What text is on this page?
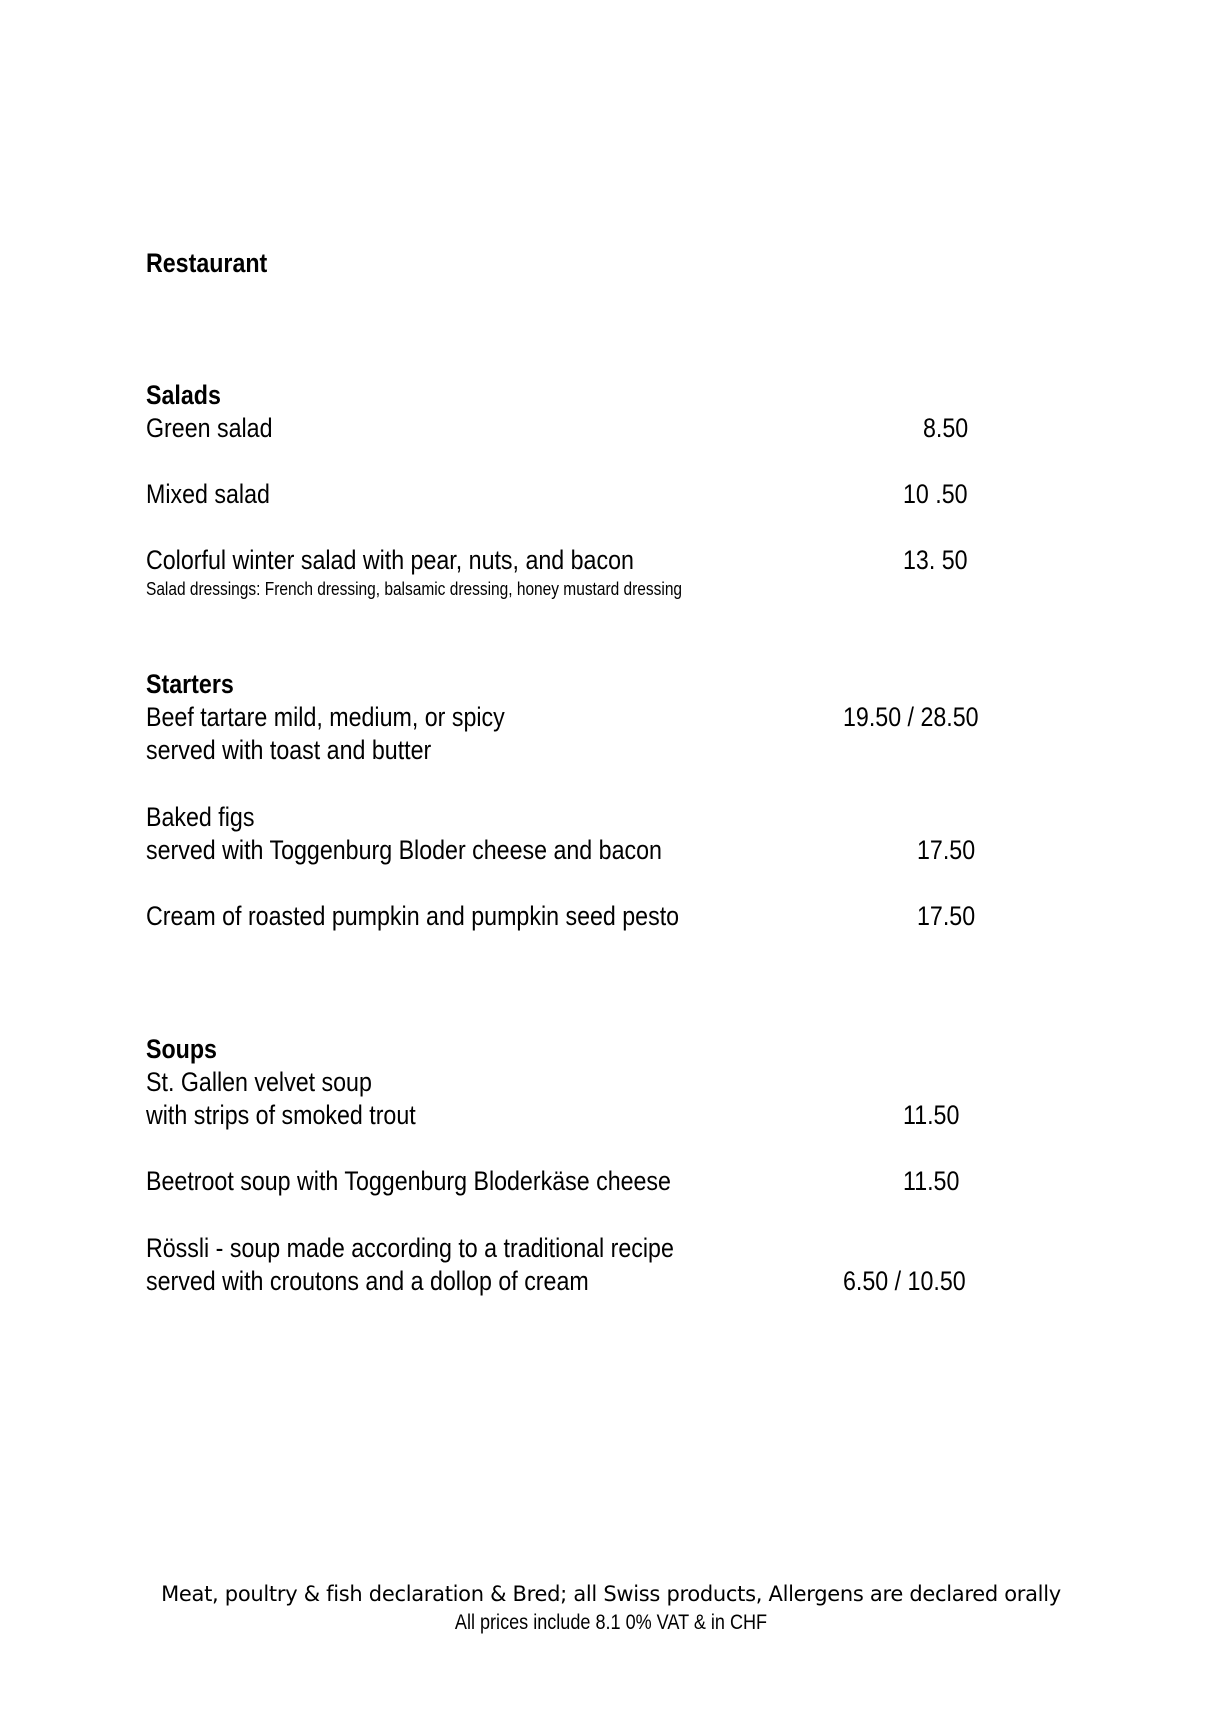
Restaurant
Salads
Green salad	8.50
Mixed salad	10 .50
Colorful winter salad with pear, nuts, and bacon	13. 50
Salad dressings: French dressing, balsamic dressing, honey mustard dressing
Starters
Beef tartare mild, medium, or spicy	19.50 / 28.50
served with toast and butter
Baked figs
served with Toggenburg Bloder cheese and bacon	17.50
Cream of roasted pumpkin and pumpkin seed pesto	17.50
Soups
St. Gallen velvet soup
with strips of smoked trout	11.50
Beetroot soup with Toggenburg Bloderkäse cheese	11.50
Rössli - soup made according to a traditional recipe
served with croutons and a dollop of cream	6.50 / 10.50
Meat, poultry & fish declaration & Bred; all Swiss products, Allergens are declared orally
All prices include 8.1 0% VAT & in CHF
